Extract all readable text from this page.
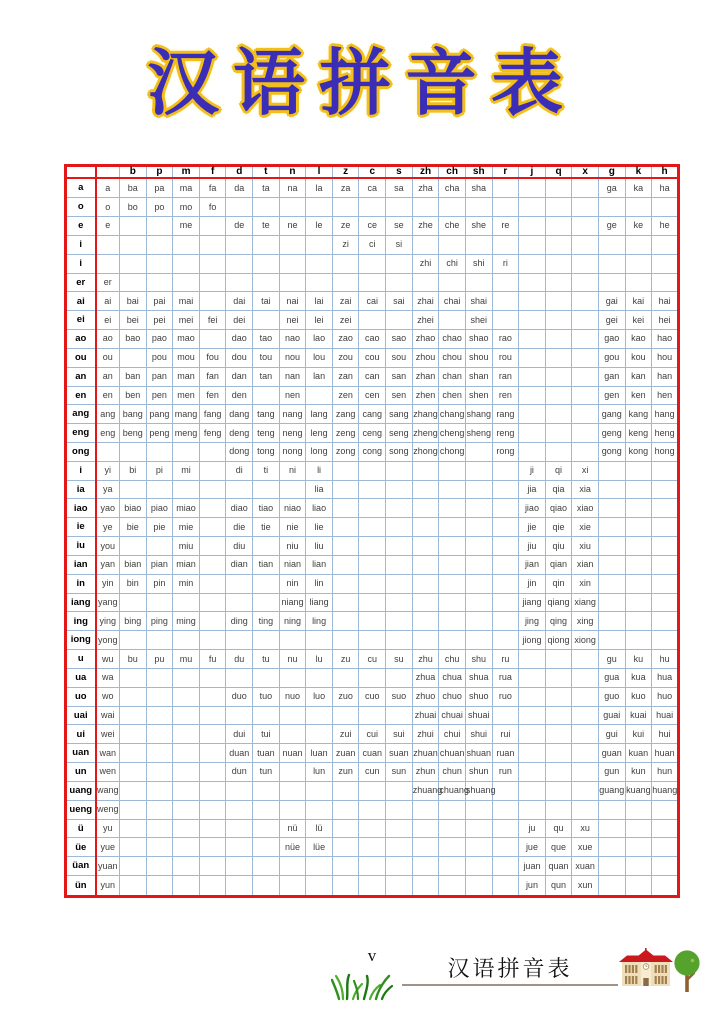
汉语拼音表
		b	p	m	f	d	t	n	l	z	c	s	zh	ch	sh	r	j	q	x	g	k	h
a	a	ba	pa	ma	fa	da	ta	na	la	za	ca	sa	zha	cha	sha					ga	ka	ha
o	o	bo	po	mo	fo																	
e	e			me		de	te	ne	le	ze	ce	se	zhe	che	she	re				ge	ke	he
i										zi	ci	si										
i													zhi	chi	shi	ri						
er	er																					
ai	ai	bai	pai	mai		dai	tai	nai	lai	zai	cai	sai	zhai	chai	shai					gai	kai	hai
ei	ei	bei	pei	mei	fei	dei		nei	lei	zei			zhei		shei					gei	kei	hei
ao	ao	bao	pao	mao		dao	tao	nao	lao	zao	cao	sao	zhao	chao	shao	rao				gao	kao	hao
ou	ou		pou	mou	fou	dou	tou	nou	lou	zou	cou	sou	zhou	chou	shou	rou				gou	kou	hou
an	an	ban	pan	man	fan	dan	tan	nan	lan	zan	can	san	zhan	chan	shan	ran				gan	kan	han
en	en	ben	pen	men	fen	den		nen		zen	cen	sen	zhen	chen	shen	ren				gen	ken	hen
ang	ang	bang	pang	mang	fang	dang	tang	nang	lang	zang	cang	sang	zhang	chang	shang	rang				gang	kang	hang
eng	eng	beng	peng	meng	feng	deng	teng	neng	leng	zeng	ceng	seng	zheng	cheng	sheng	reng				geng	keng	heng
ong						dong	tong	nong	long	zong	cong	song	zhong	chong		rong				gong	kong	hong
i	yi	bi	pi	mi		di	ti	ni	li								ji	qi	xi			
ia	ya								lia								jia	qia	xia			
iao	yao	biao	piao	miao		diao	tiao	niao	liao								jiao	qiao	xiao			
ie	ye	bie	pie	mie		die	tie	nie	lie								jie	qie	xie			
iu	you			miu		diu		niu	liu								jiu	qiu	xiu			
ian	yan	bian	pian	mian		dian	tian	nian	lian								jian	qian	xian			
in	yin	bin	pin	min				nin	lin								jin	qin	xin			
iang	yang							niang	liang								jiang	qiang	xiang			
ing	ying	bing	ping	ming		ding	ting	ning	ling								jing	qing	xing			
iong	yong																jiong	qiong	xiong			
u	wu	bu	pu	mu	fu	du	tu	nu	lu	zu	cu	su	zhu	chu	shu	ru				gu	ku	hu
ua	wa												zhua	chua	shua	rua				gua	kua	hua
uo	wo					duo	tuo	nuo	luo	zuo	cuo	suo	zhuo	chuo	shuo	ruo				guo	kuo	huo
uai	wai												zhuai	chuai	shuai					guai	kuai	huai
ui	wei					dui	tui			zui	cui	sui	zhui	chui	shui	rui				gui	kui	hui
uan	wan					duan	tuan	nuan	luan	zuan	cuan	suan	zhuan	chuan	shuan	ruan				guan	kuan	huan
un	wen					dun	tun		lun	zun	cun	sun	zhun	chun	shun	run				gun	kun	hun
uang	wang												zhuang	chuang	shuang					guang	kuang	huang
ueng	weng																					
ü	yu							nü	lü								ju	qu	xu			
üe	yue							nüe	lüe								jue	que	xue			
üan	yuan																juan	quan	xuan			
ün	yun																jun	qun	xun			
v
汉语拼音表
